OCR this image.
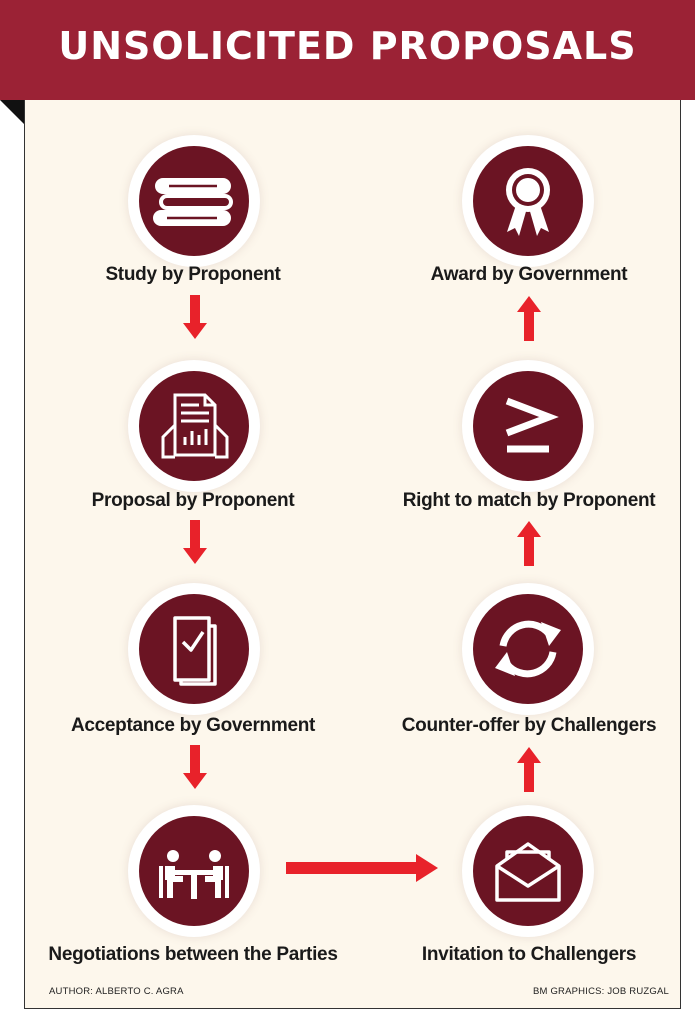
UNSOLICITED PROPOSALS
Study by Proponent
Proposal by Proponent
Acceptance by Government
Negotiations between the Parties	Invitation to Challengers
Counter-offer by Challengers
Right to match by Proponent
Award by Government
AUTHOR: ALBERTO C. AGRA	BM GRAPHICS: JOB RUZGAL
